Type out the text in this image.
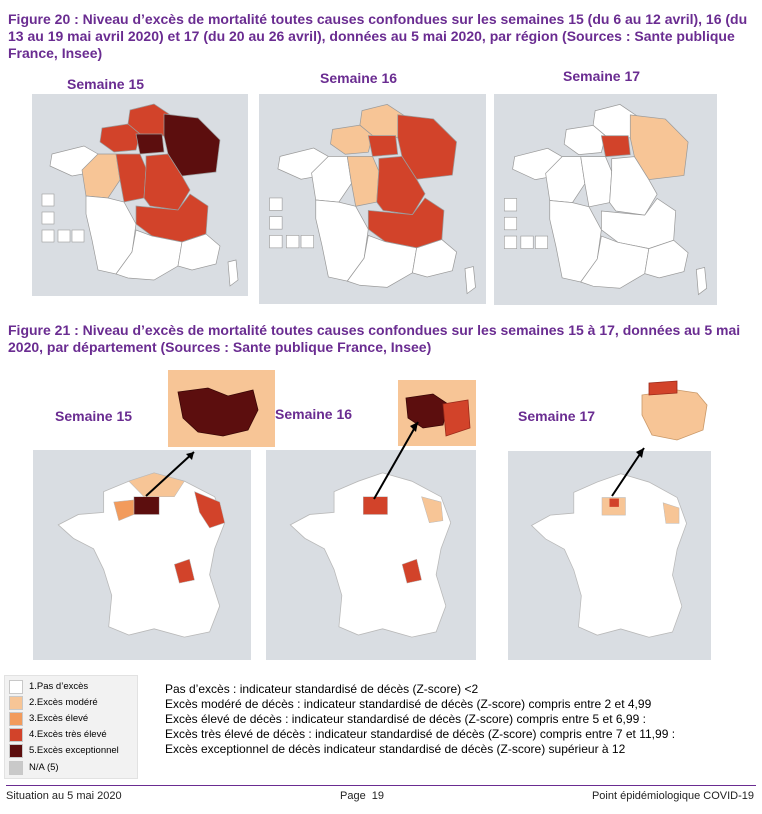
Figure 20 : Niveau d’excès de mortalité toutes causes confondues sur les semaines 15 (du 6 au 12 avril), 16 (du 13 au 19 mai avril 2020) et 17 (du 20 au 26 avril), données au 5 mai 2020, par région (Sources : Sante publique France, Insee)

Semaine 15	Semaine 16	Semaine 17

Figure 21 : Niveau d’excès de mortalité toutes causes confondues sur les semaines 15 à 17, données au 5 mai 2020, par département (Sources : Sante publique France, Insee)

Semaine 15	Semaine 16	Semaine 17

1.Pas d’excès
2.Excès modéré
3.Excès élevé
4.Excès très élevé
5.Excès exceptionnel
N/A (5)
Pas d’excès : indicateur standardisé de décès (Z-score) <2
Excès modéré de décès : indicateur standardisé de décès (Z-score) compris entre 2 et 4,99
Excès élevé de décès : indicateur standardisé de décès (Z-score) compris entre 5 et 6,99 :
Excès très élevé de décès : indicateur standardisé de décès (Z-score) compris entre 7 et 11,99 :
Excès exceptionnel de décès indicateur standardisé de décès (Z-score) supérieur à 12
Situation au 5 mai 2020	Page  19	Point épidémiologique COVID-19
